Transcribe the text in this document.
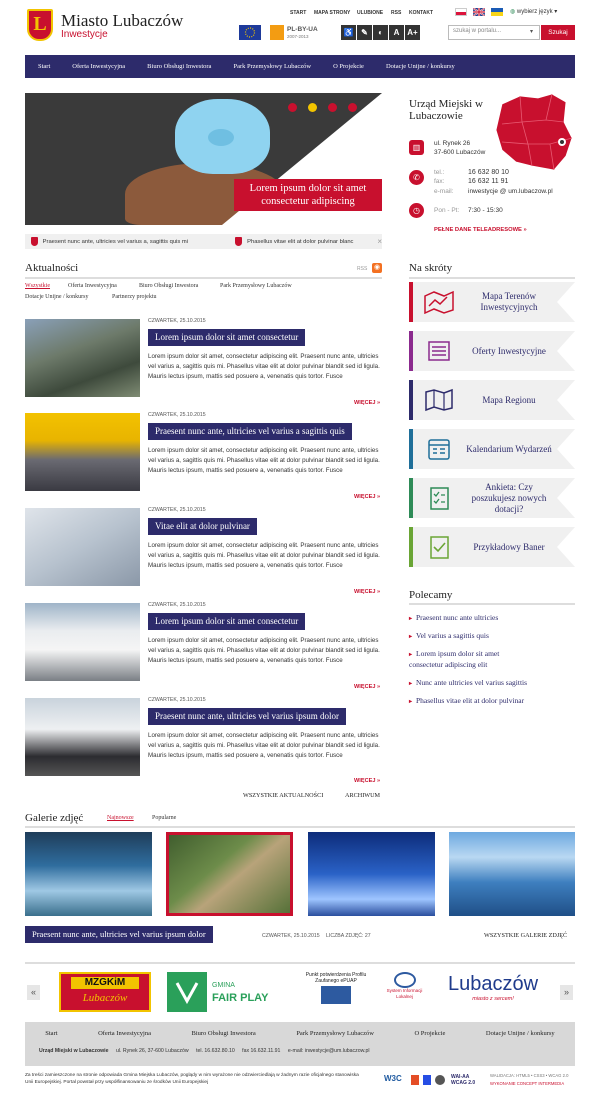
L Miasto Lubaczów
Inwestycje
START MAPA STRONY ULUBIONE RSS KONTAKT	◍ wybierz język ▾
PL-BY-UA
2007-2013	♿ ✎	◐	A A+	szukaj w portalu...	▾	Szukaj
Start	Oferta Inwestycyjna	Biuro Obsługi Inwestora	Park Przemysłowy Lubaczów	O Projekcie	Dotacje Unijne / konkursy
Lorem ipsum dolor sit amet consectetur adipiscing
Praesent nunc ante, ultricies vel varius a, sagittis quis mi	Phasellus vitae elit at dolor pulvinar blanc	×
Urząd Miejski w Lubaczowie
▥	ul. Rynek 26
37-600 Lubaczów
✆
tel.:	16 632 80 10
fax:	16 632 11 91
e-mail: inwestycje @ um.lubaczow.pl
◷	Pon - Pt: 7:30 - 15:30
PEŁNE DANE TELEADRESOWE »
Aktualności	RSS ◉
Wszystkie	Oferta Inwestycyjna	Biuro Obsługi Inwestora	Park Przemysłowy Lubaczów
Dotacje Unijne / konkursy	Partnerzy projektu
CZWARTEK, 25.10.2015
Lorem ipsum dolor sit amet consectetur
Lorem ipsum dolor sit amet, consectetur adipiscing elit. Praesent nunc ante, ultricies vel varius a, sagittis quis mi. Phasellus vitae elit at dolor pulvinar blandit sed id ligula. Mauris lectus ipsum, mattis sed posuere a, venenatis quis tortor. Fusce
WIĘCEJ »
CZWARTEK, 25.10.2015
Praesent nunc ante, ultricies vel varius a sagittis quis
Lorem ipsum dolor sit amet, consectetur adipiscing elit. Praesent nunc ante, ultricies vel varius a, sagittis quis mi. Phasellus vitae elit at dolor pulvinar blandit sed id ligula. Mauris lectus ipsum, mattis sed posuere a, venenatis quis tortor. Fusce
WIĘCEJ »
CZWARTEK, 25.10.2015
Vitae elit at dolor pulvinar
Lorem ipsum dolor sit amet, consectetur adipiscing elit. Praesent nunc ante, ultricies vel varius a, sagittis quis mi. Phasellus vitae elit at dolor pulvinar blandit sed id ligula. Mauris lectus ipsum, mattis sed posuere a, venenatis quis tortor. Fusce
WIĘCEJ »
CZWARTEK, 25.10.2015
Lorem ipsum dolor sit amet consectetur
Lorem ipsum dolor sit amet, consectetur adipiscing elit. Praesent nunc ante, ultricies vel varius a, sagittis quis mi. Phasellus vitae elit at dolor pulvinar blandit sed id ligula. Mauris lectus ipsum, mattis sed posuere a, venenatis quis tortor. Fusce
WIĘCEJ »
CZWARTEK, 25.10.2015
Praesent nunc ante, ultricies vel varius ipsum dolor
Lorem ipsum dolor sit amet, consectetur adipiscing elit. Praesent nunc ante, ultricies vel varius a, sagittis quis mi. Phasellus vitae elit at dolor pulvinar blandit sed id ligula. Mauris lectus ipsum, mattis sed posuere a, venenatis quis tortor. Fusce
WIĘCEJ »
WSZYSTKIE AKTUALNOŚCI	ARCHIWUM
Na skróty
Mapa Terenów Inwestycyjnych
Oferty Inwestycyjne
Mapa Regionu
Kalendarium Wydarzeń
Ankieta: Czy poszukujesz nowych dotacji?
Przykładowy Baner
Polecamy
▸ Praesent nunc ante ultricies
▸ Vel varius a sagittis quis
▸ Lorem ipsum dolor sit amet consectetur adipiscing elit
▸ Nunc ante ultricies vel varius sagittis
▸ Phasellus vitae elit at dolor pulvinar
Galerie zdjęć	Najnowsze	Popularne
Praesent nunc ante, ultricies vel varius ipsum dolor	CZWARTEK, 25.10.2015 LICZBA ZDJĘĆ: 27	WSZYSTKIE GALERIE ZDJĘĆ
«	»
MZGKiM
Lubaczów
GMINA
FAIR PLAY
Punkt potwierdzenia Profilu Zaufanego ePUAP
System Informacji Lokalnej
Lubaczów
miasto z sercem!
Start	Oferta Inwestycyjna	Biuro Obsługi Inwestora	Park Przemysłowy Lubaczów	O Projekcie	Dotacje Unijne / konkursy
Urząd Miejski w Lubaczowie ul. Rynek 26, 37-600 Lubaczów tel. 16.632.80.10 fax 16.632.11.91 e-mail: inwestycje@um.lubaczow.pl
Za treści zamieszczone na stronie odpowiada Gmina Miejska Lubaczów, poglądy w nim wyrażone nie odzwierciedlają w żadnym razie oficjalnego stanowiska Unii Europejskiej. Portal powstał przy współfinansowaniu ze środków Unii Europejskiej	W3C	WAI-AA WCAG 2.0
WALIDACJA: HTML5 • CSS3 • WCAG 2.0
WYKONANIE CONCEPT INTERMEDIA
